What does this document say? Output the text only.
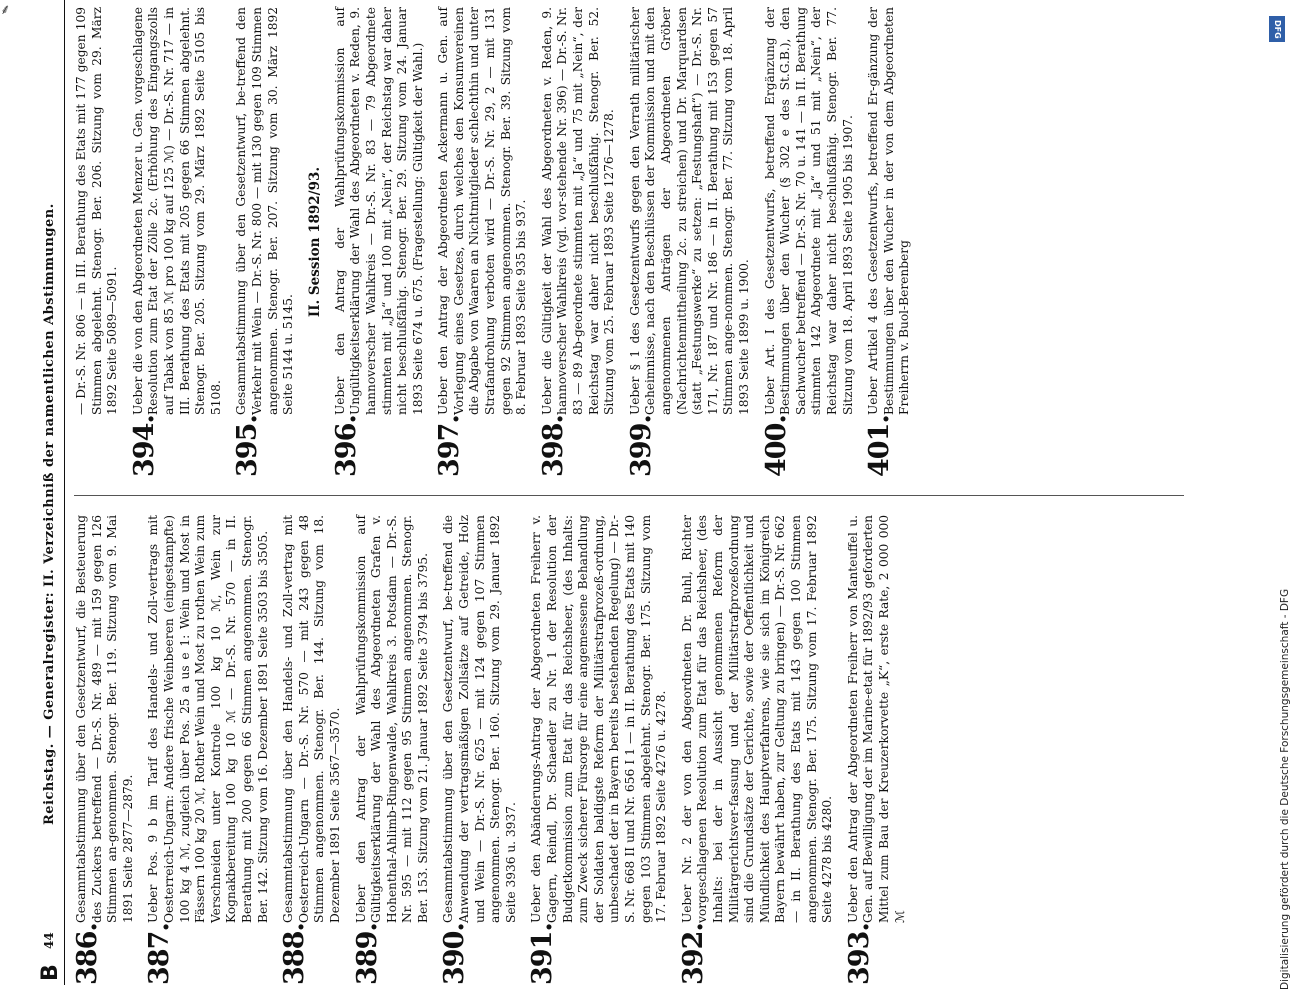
⸙
B
44
Reichstag. — Generalregister: II. Verzeichniß der namentlichen Abstimmungen.
386.
Gesammtabstimmung über den Gesetzentwurf, die Besteuerung des Zuckers betreffend — Dr.-S. Nr. 489 — mit 159 gegen 126 Stimmen an-genommen. Stenogr. Ber. 119. Sitzung vom 9. Mai 1891 Seite 2877—2879.
387.
Ueber Pos. 9 b im Tarif des Handels- und Zoll-vertrags mit Oesterreich-Ungarn: Andere frische Weinbeeren (eingestampfte) 100 kg 4 ℳ, zugleich über Pos. 25 a us e 1: Wein und Most in Fässern 100 kg 20 ℳ, Rother Wein und Most zu rothen Wein zum Verschneiden unter Kontrole 100 kg 10 ℳ, Wein zur Kognakbereitung 100 kg 10 ℳ — Dr.-S. Nr. 570 — in II. Berathung mit 200 gegen 66 Stimmen angenommen. Stenogr. Ber. 142. Sitzung vom 16. Dezember 1891 Seite 3503 bis 3505.
388.
Gesammtabstimmung über den Handels- und Zoll-vertrag mit Oesterreich-Ungarn — Dr.-S. Nr. 570 — mit 243 gegen 48 Stimmen angenommen. Stenogr. Ber. 144. Sitzung vom 18. Dezember 1891 Seite 3567—3570.
389.
Ueber den Antrag der Wahlprüfungskommission auf Gültigkeitserklärung der Wahl des Abgeordneten Grafen v. Hohenthal-Ahlimb-Ringenwalde, Wahlkreis 3. Potsdam — Dr.-S. Nr. 595 — mit 112 gegen 95 Stimmen angenommen. Stenogr. Ber. 153. Sitzung vom 21. Januar 1892 Seite 3794 bis 3795.
390.
Gesammtabstimmung über den Gesetzentwurf, be-treffend die Anwendung der vertragsmäßigen Zollsätze auf Getreide, Holz und Wein — Dr.-S. Nr. 625 — mit 124 gegen 107 Stimmen angenommen. Stenogr. Ber. 160. Sitzung vom 29. Januar 1892 Seite 3936 u. 3937.
391.
Ueber den Abänderungs-Antrag der Abgeordneten Freiherr v. Gagern, Reindl, Dr. Schaedler zu Nr. 1 der Resolution der Budgetkommission zum Etat für das Reichsheer, (des Inhalts: zum Zweck sicherer Fürsorge für eine angemessene Behandlung der Soldaten baldigste Reform der Militärstrafprozeß-ordnung, unbeschadet der in Bayern bereits bestehenden Regelung) — Dr.-S. Nr. 668 II und Nr. 656 I 1 — in II. Berathung des Etats mit 140 gegen 103 Stimmen abgelehnt. Stenogr. Ber. 175. Sitzung vom 17. Februar 1892 Seite 4276 u. 4278.
392.
Ueber Nr. 2 der von den Abgeordneten Dr. Buhl, Richter vorgeschlagenen Resolution zum Etat für das Reichsheer, (des Inhalts: bei der in Aussicht genommenen Reform der Militärgerichtsver-fassung und der Militärstrafprozeßordnung sind die Grundsätze der Gerichte, sowie der Oeffentlichkeit und Mündlichkeit des Hauptverfahrens, wie sie sich im Königreich Bayern bewährt haben, zur Geltung zu bringen) — Dr.-S. Nr. 662 — in II. Berathung des Etats mit 143 gegen 100 Stimmen angenommen. Stenogr. Ber. 175. Sitzung vom 17. Februar 1892 Seite 4278 bis 4280.
393.
Ueber den Antrag der Abgeordneten Freiherr von Manteuffel u. Gen. auf Bewilligung der im Marine-etat für 1892/93 geforderten Mittel zum Bau der Kreuzerkorvette „K“, erste Rate, 2 000 000 ℳ
— Dr.-S. Nr. 806 — in III. Berathung des Etats mit 177 gegen 109 Stimmen abgelehnt. Stenogr. Ber. 206. Sitzung vom 29. März 1892 Seite 5089—5091.
394.
Ueber die von den Abgeordneten Menzer u. Gen. vorgeschlagene Resolution zum Etat der Zölle 2c. (Erhöhung des Eingangszolls auf Tabak von 85 ℳ pro 100 kg auf 125 ℳ) — Dr.-S. Nr. 717 — in III. Berathung des Etats mit 205 gegen 66 Stimmen abgelehnt. Stenogr. Ber. 205. Sitzung vom 29. März 1892 Seite 5105 bis 5108.
395.
Gesammtabstimmung über den Gesetzentwurf, be-treffend den Verkehr mit Wein — Dr.-S. Nr. 800 — mit 130 gegen 109 Stimmen angenommen. Stenogr. Ber. 207. Sitzung vom 30. März 1892 Seite 5144 u. 5145.
II. Session 1892/93.
396.
Ueber den Antrag der Wahlprüfungskommission auf Ungültigkeitserklärung der Wahl des Abgeordneten v. Reden, 9. hannoverscher Wahlkreis — Dr.-S. Nr. 83 — 79 Abgeordnete stimmten mit „Ja“ und 100 mit „Nein“, der Reichstag war daher nicht beschlußfähig. Stenogr. Ber. 29. Sitzung vom 24. Januar 1893 Seite 674 u. 675. (Fragestellung: Gültigkeit der Wahl.)
397.
Ueber den Antrag der Abgeordneten Ackermann u. Gen. auf Vorlegung eines Gesetzes, durch welches den Konsumvereinen die Abgabe von Waaren an Nichtmitglieder schlechthin und unter Strafandrohung verboten wird — Dr.-S. Nr. 29, 2 — mit 131 gegen 92 Stimmen angenommen. Stenogr. Ber. 39. Sitzung vom 8. Februar 1893 Seite 935 bis 937.
398.
Ueber die Gültigkeit der Wahl des Abgeordneten v. Reden, 9. hannoverscher Wahlkreis (vgl. vor-stehende Nr. 396) — Dr.-S. Nr. 83 — 89 Ab-geordnete stimmten mit „Ja“ und 75 mit „Nein“, der Reichstag war daher nicht beschlußfähig. Stenogr. Ber. 52. Sitzung vom 25. Februar 1893 Seite 1276—1278.
399.
Ueber § 1 des Gesetzentwurfs gegen den Verrath militärischer Geheimnisse, nach den Beschlüssen der Kommission und mit den angenommenen Anträgen der Abgeordneten Gröber (Nachrichtenmittheilung 2c. zu streichen) und Dr. Marquardsen (statt „Festungswerke“ zu setzen: „Festungshaft“) — Dr.-S. Nr. 171, Nr. 187 und Nr. 186 — in II. Berathung mit 153 gegen 57 Stimmen ange-nommen. Stenogr. Ber. 77. Sitzung vom 18. April 1893 Seite 1899 u. 1900.
400.
Ueber Art. I des Gesetzentwurfs, betreffend Ergänzung der Bestimmungen über den Wucher (§ 302 e des St.G.B.), den Sachwucher betreffend — Dr.-S. Nr. 70 u. 141 — in II. Berathung stimmten 142 Abgeordnete mit „Ja“ und 51 mit „Nein“, der Reichstag war daher nicht beschlußfähig. Stenogr. Ber. 77. Sitzung vom 18. April 1893 Seite 1905 bis 1907.
401.
Ueber Artikel 4 des Gesetzentwurfs, betreffend Er-gänzung der Bestimmungen über den Wucher in der von dem Abgeordneten Freiherrn v. Buol-Berenberg
DFG
Digitalisierung gefördert durch die Deutsche Forschungsgemeinschaft - DFG
